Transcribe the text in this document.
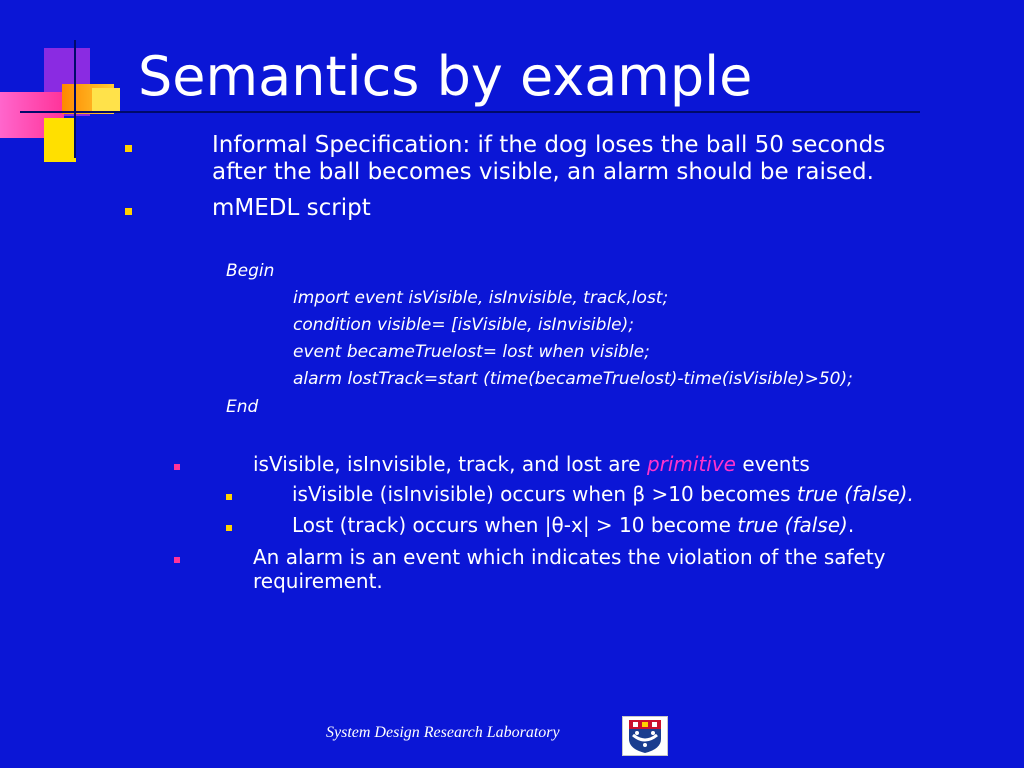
Semantics by example
Informal Specification: if the dog loses the ball 50 seconds
after the ball becomes visible, an alarm should be raised.
mMEDL script
Begin
import event isVisible, isInvisible, track,lost;
condition visible= [isVisible, isInvisible);
event becameTruelost= lost when visible;
alarm lostTrack=start (time(becameTruelost)-time(isVisible)>50);
End
isVisible, isInvisible, track, and lost are primitive events
isVisible (isInvisible) occurs when β >10 becomes true (false).
Lost (track) occurs when |θ-x| > 10 become true (false).
An alarm is an event which indicates the violation of the safety
requirement.
System Design Research Laboratory
